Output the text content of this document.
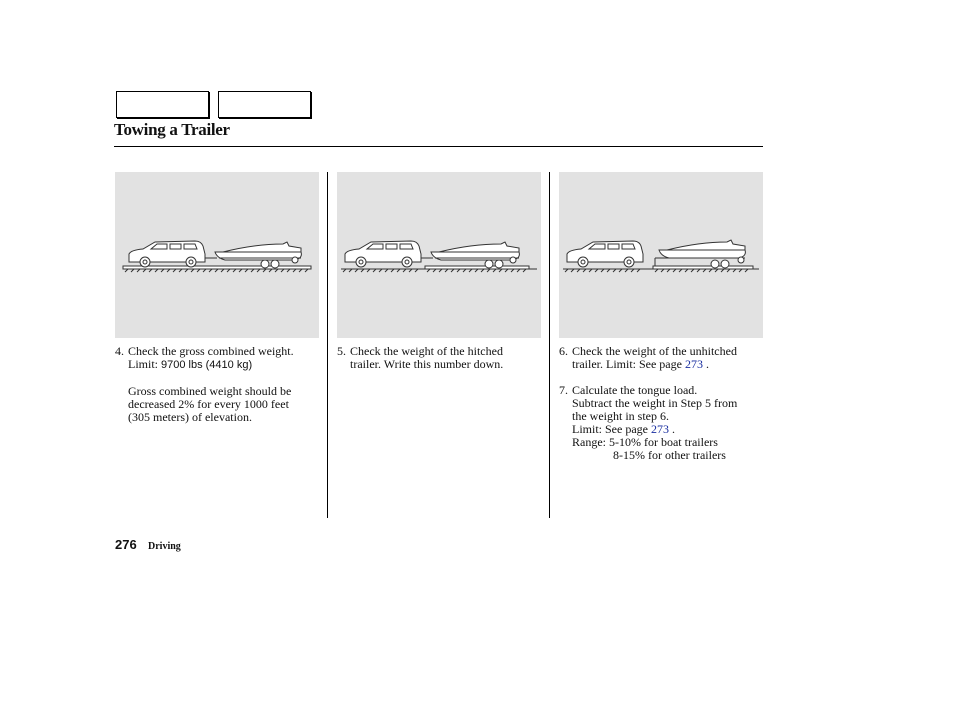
Towing a Trailer
4. Check the gross combined weight.
Limit: 9700 lbs (4410 kg)
Gross combined weight should be
decreased 2% for every 1000 feet
(305 meters) of elevation.
5. Check the weight of the hitched
trailer. Write this number down.
6. Check the weight of the unhitched
trailer. Limit: See page 273 .
7. Calculate the tongue load.
Subtract the weight in Step 5 from
the weight in step 6.
Limit: See page 273 .
Range: 5-10% for boat trailers
8-15% for other trailers
276 Driving
